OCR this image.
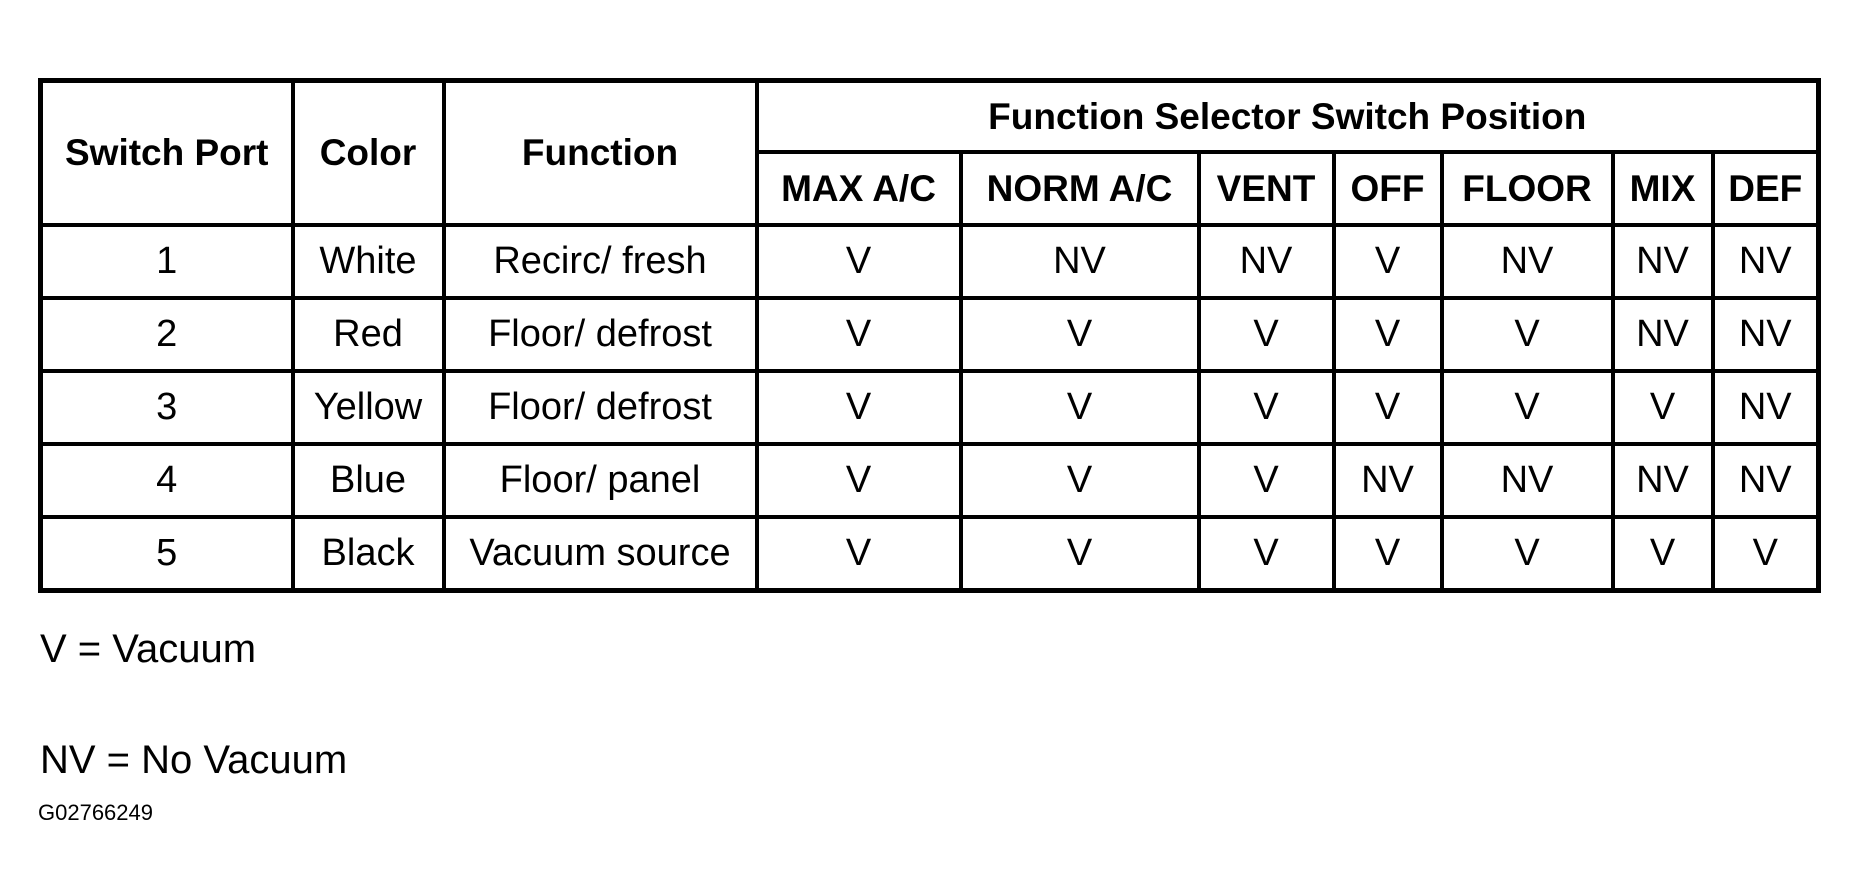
Switch Port	Color	Function	Function Selector Switch Position						
			MAX A/C	NORM A/C	VENT	OFF	FLOOR	MIX	DEF
1	White	Recirc/ fresh	V	NV	NV	V	NV	NV	NV
2	Red	Floor/ defrost	V	V	V	V	V	NV	NV
3	Yellow	Floor/ defrost	V	V	V	V	V	V	NV
4	Blue	Floor/ panel	V	V	V	NV	NV	NV	NV
5	Black	Vacuum source	V	V	V	V	V	V	V
V = Vacuum
NV = No Vacuum
G02766249
